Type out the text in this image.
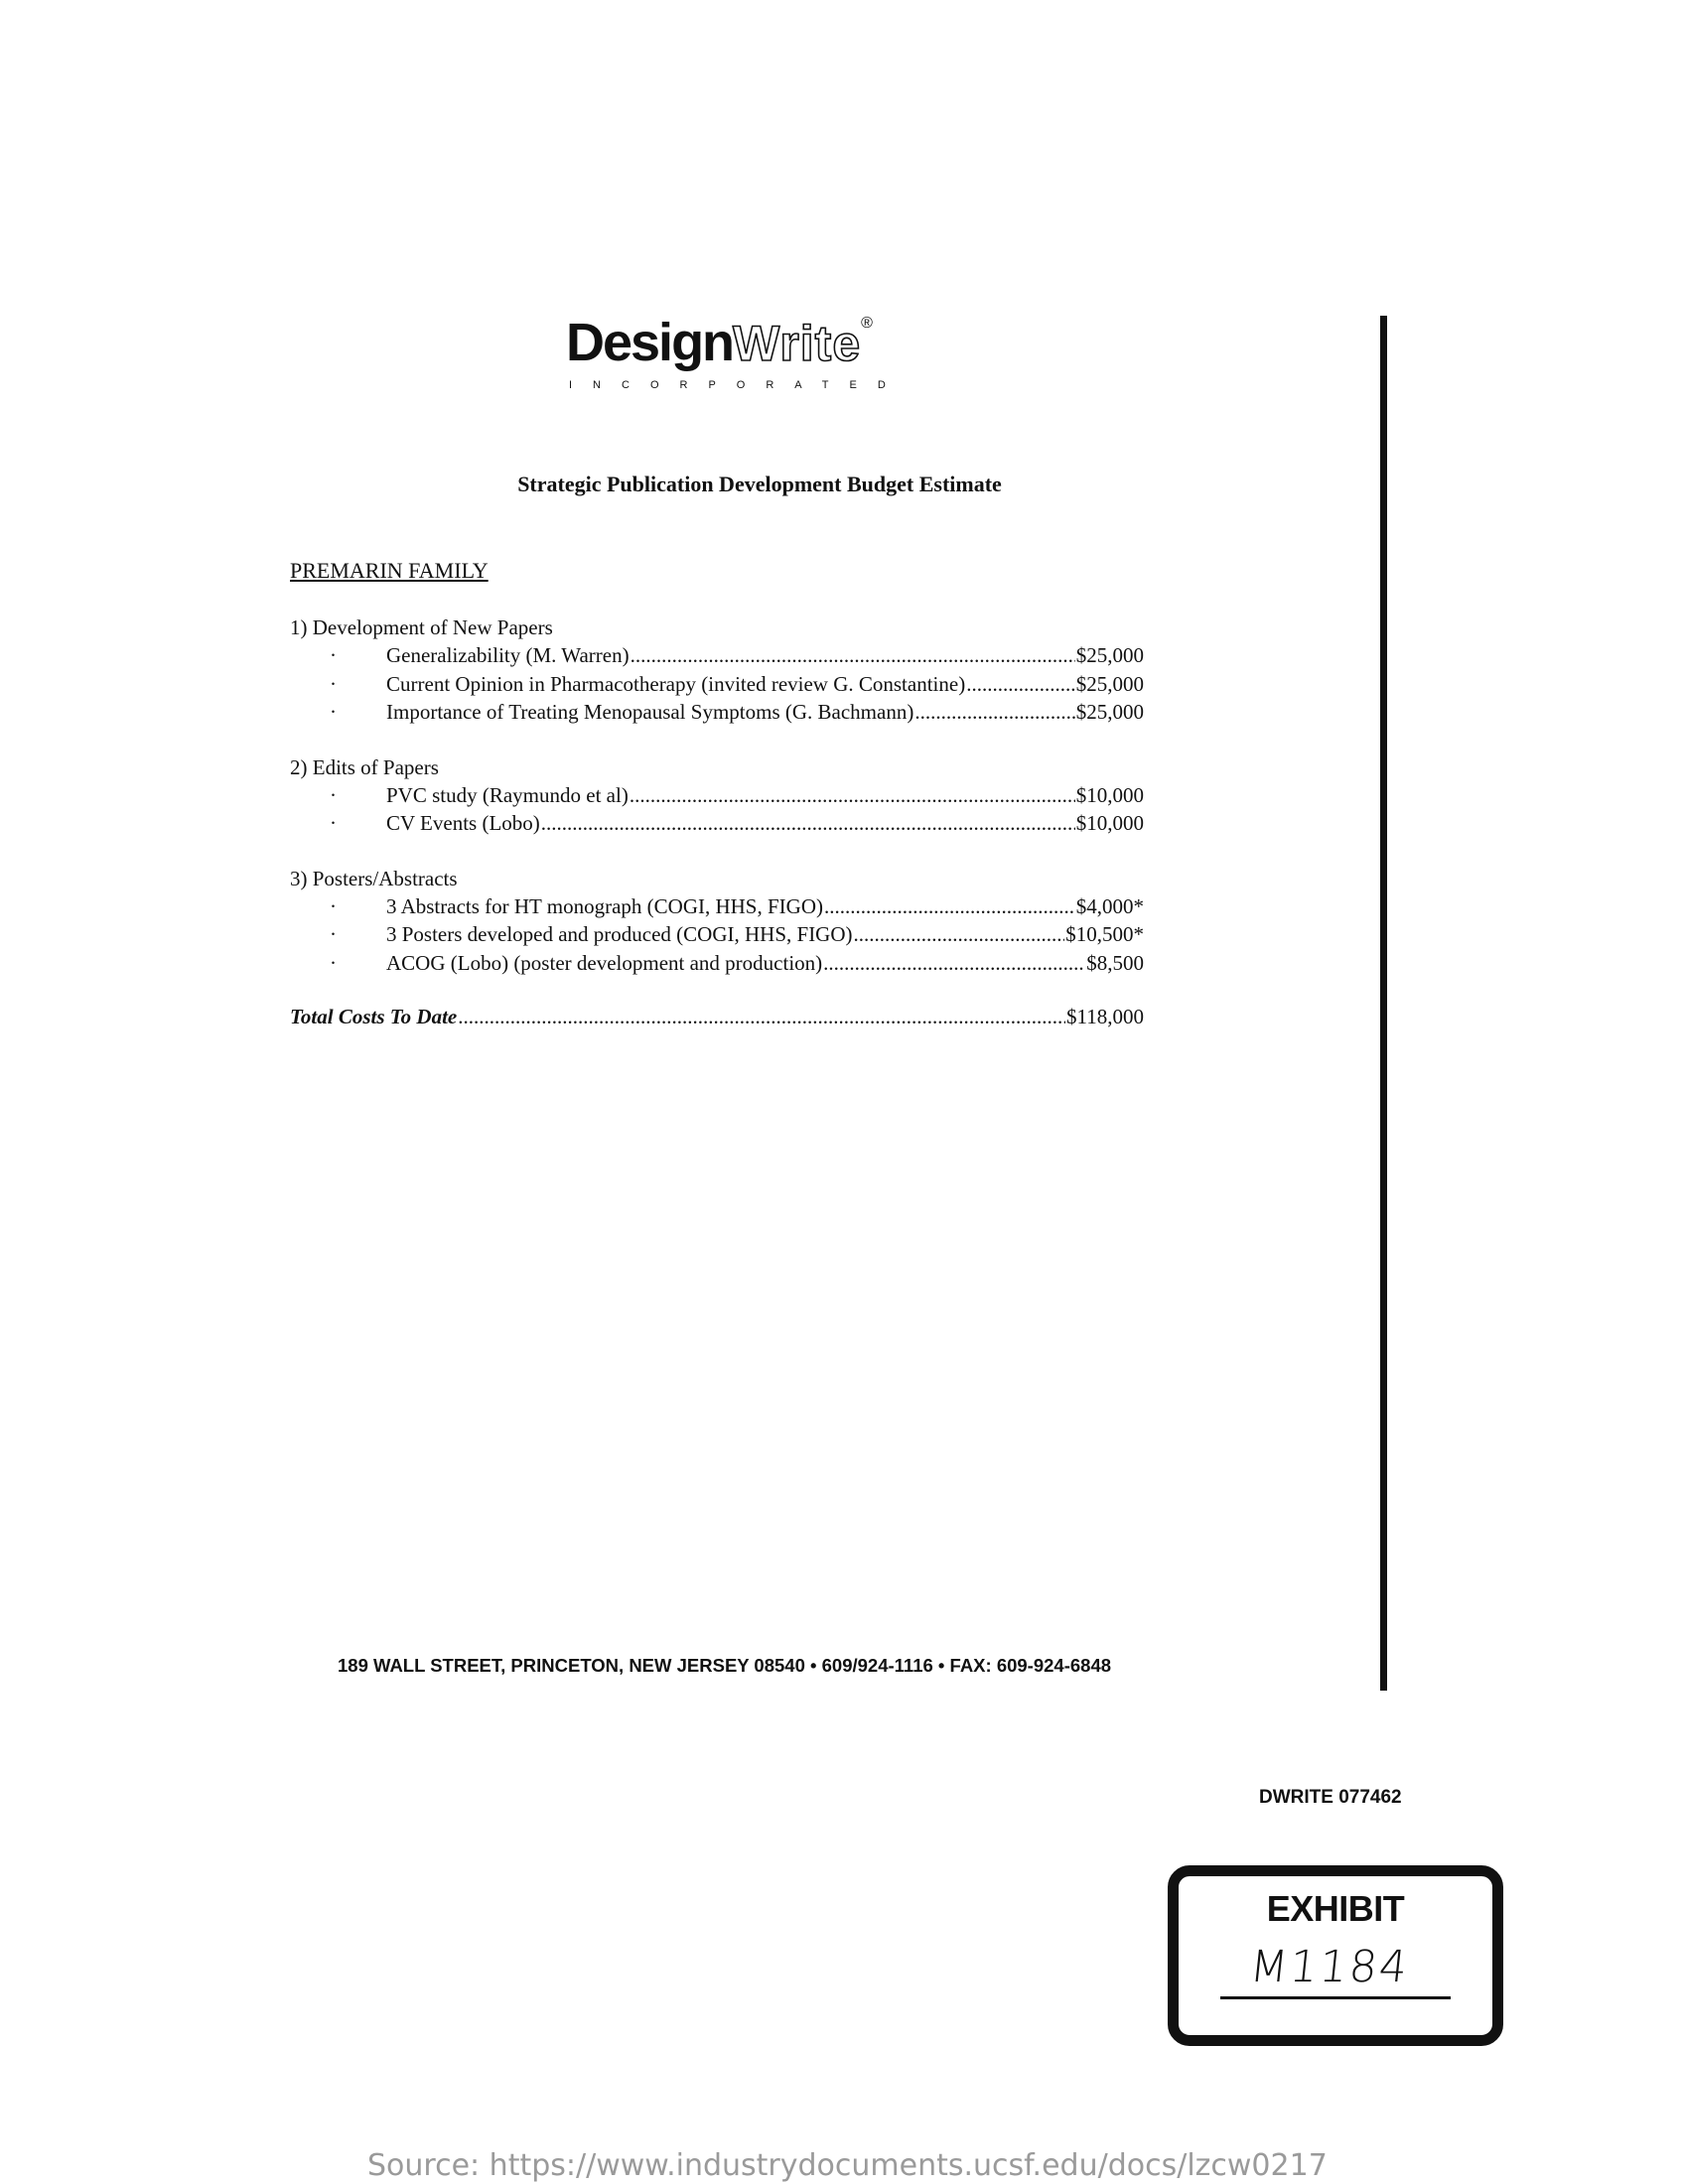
DesignWrite®
INCORPORATED
Strategic Publication Development Budget Estimate
PREMARIN FAMILY
1) Development of New Papers
· Generalizability (M. Warren) .....	$25,000
· Current Opinion in Pharmacotherapy (invited review G. Constantine) .....	$25,000
· Importance of Treating Menopausal Symptoms (G. Bachmann) .....	$25,000
2) Edits of Papers
· PVC study (Raymundo et al) .....	$10,000
· CV Events (Lobo) .....	$10,000
3) Posters/Abstracts
· 3 Abstracts for HT monograph (COGI, HHS, FIGO) .....	$4,000*
· 3 Posters developed and produced (COGI, HHS, FIGO) .....	$10,500*
· ACOG (Lobo) (poster development and production) .....	$8,500
Total Costs To Date .....	$118,000
189 WALL STREET, PRINCETON, NEW JERSEY 08540 • 609/924-1116 • FAX: 609-924-6848
DWRITE 077462
EXHIBIT
M1184
Source: https://www.industrydocuments.ucsf.edu/docs/lzcw0217
